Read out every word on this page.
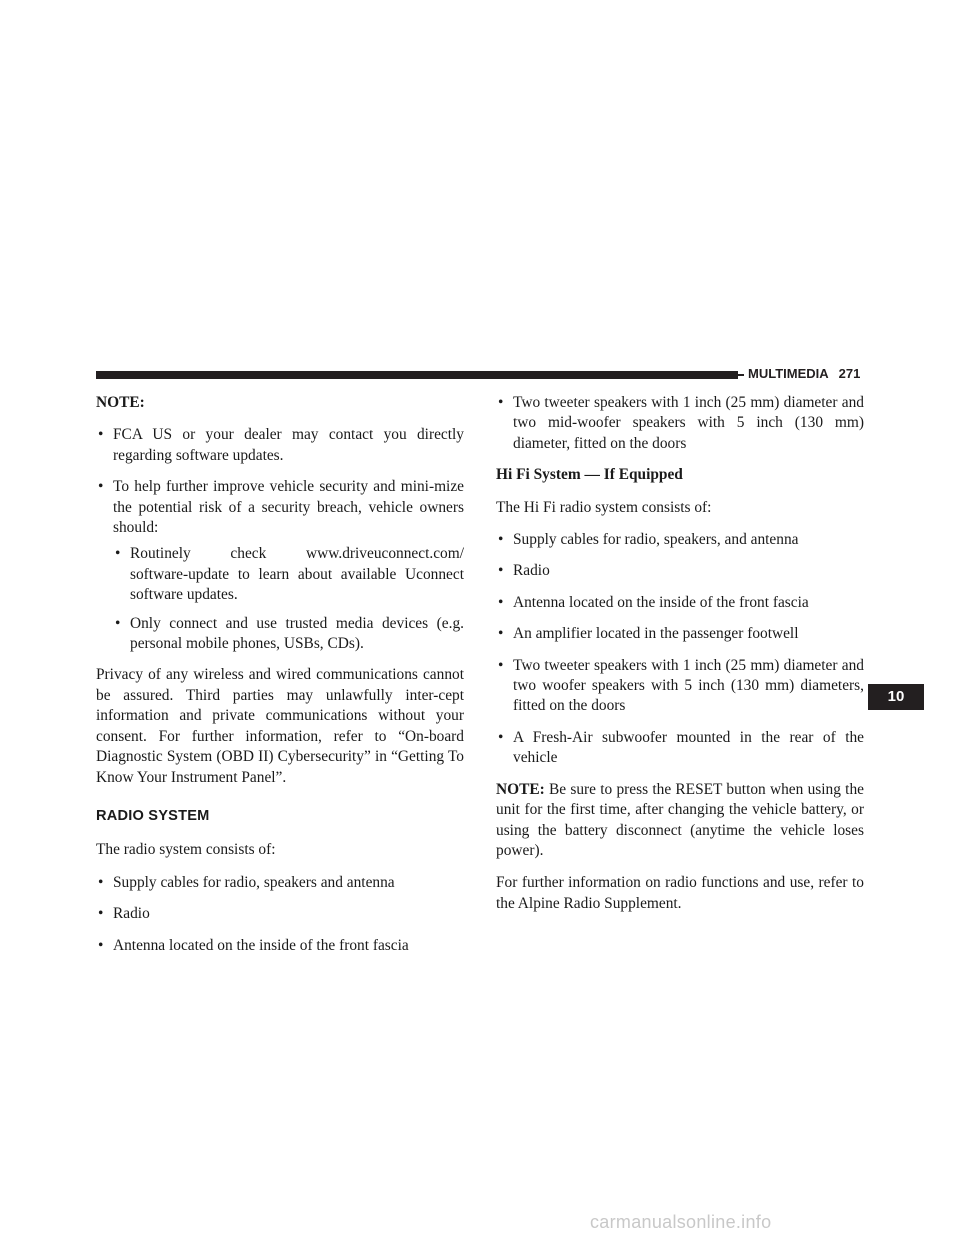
MULTIMEDIA 271

NOTE:

• FCA US or your dealer may contact you directly regarding software updates.
• To help further improve vehicle security and mini-mize the potential risk of a security breach, vehicle owners should:
• Routinely check www.driveuconnect.com/
software-update to learn about available Uconnect software updates.
• Only connect and use trusted media devices (e.g. personal mobile phones, USBs, CDs).

Privacy of any wireless and wired communications cannot be assured. Third parties may unlawfully inter-cept information and private communications without your consent. For further information, refer to “On-board Diagnostic System (OBD II) Cybersecurity” in “Getting To Know Your Instrument Panel”.

RADIO SYSTEM

The radio system consists of:

• Supply cables for radio, speakers and antenna
• Radio
• Antenna located on the inside of the front fascia
• Two tweeter speakers with 1 inch (25 mm) diameter and two mid-woofer speakers with 5 inch (130 mm) diameter, fitted on the doors
Hi Fi System — If Equipped

The Hi Fi radio system consists of:

• Supply cables for radio, speakers, and antenna
• Radio
• Antenna located on the inside of the front fascia
• An amplifier located in the passenger footwell
• Two tweeter speakers with 1 inch (25 mm) diameter and two woofer speakers with 5 inch (130 mm) diameters, fitted on the doors
• A Fresh-Air subwoofer mounted in the rear of the vehicle

NOTE: Be sure to press the RESET button when using the unit for the first time, after changing the vehicle battery, or using the battery disconnect (anytime the vehicle loses power).

For further information on radio functions and use, refer to the Alpine Radio Supplement.

10
carmanualsonline.info
